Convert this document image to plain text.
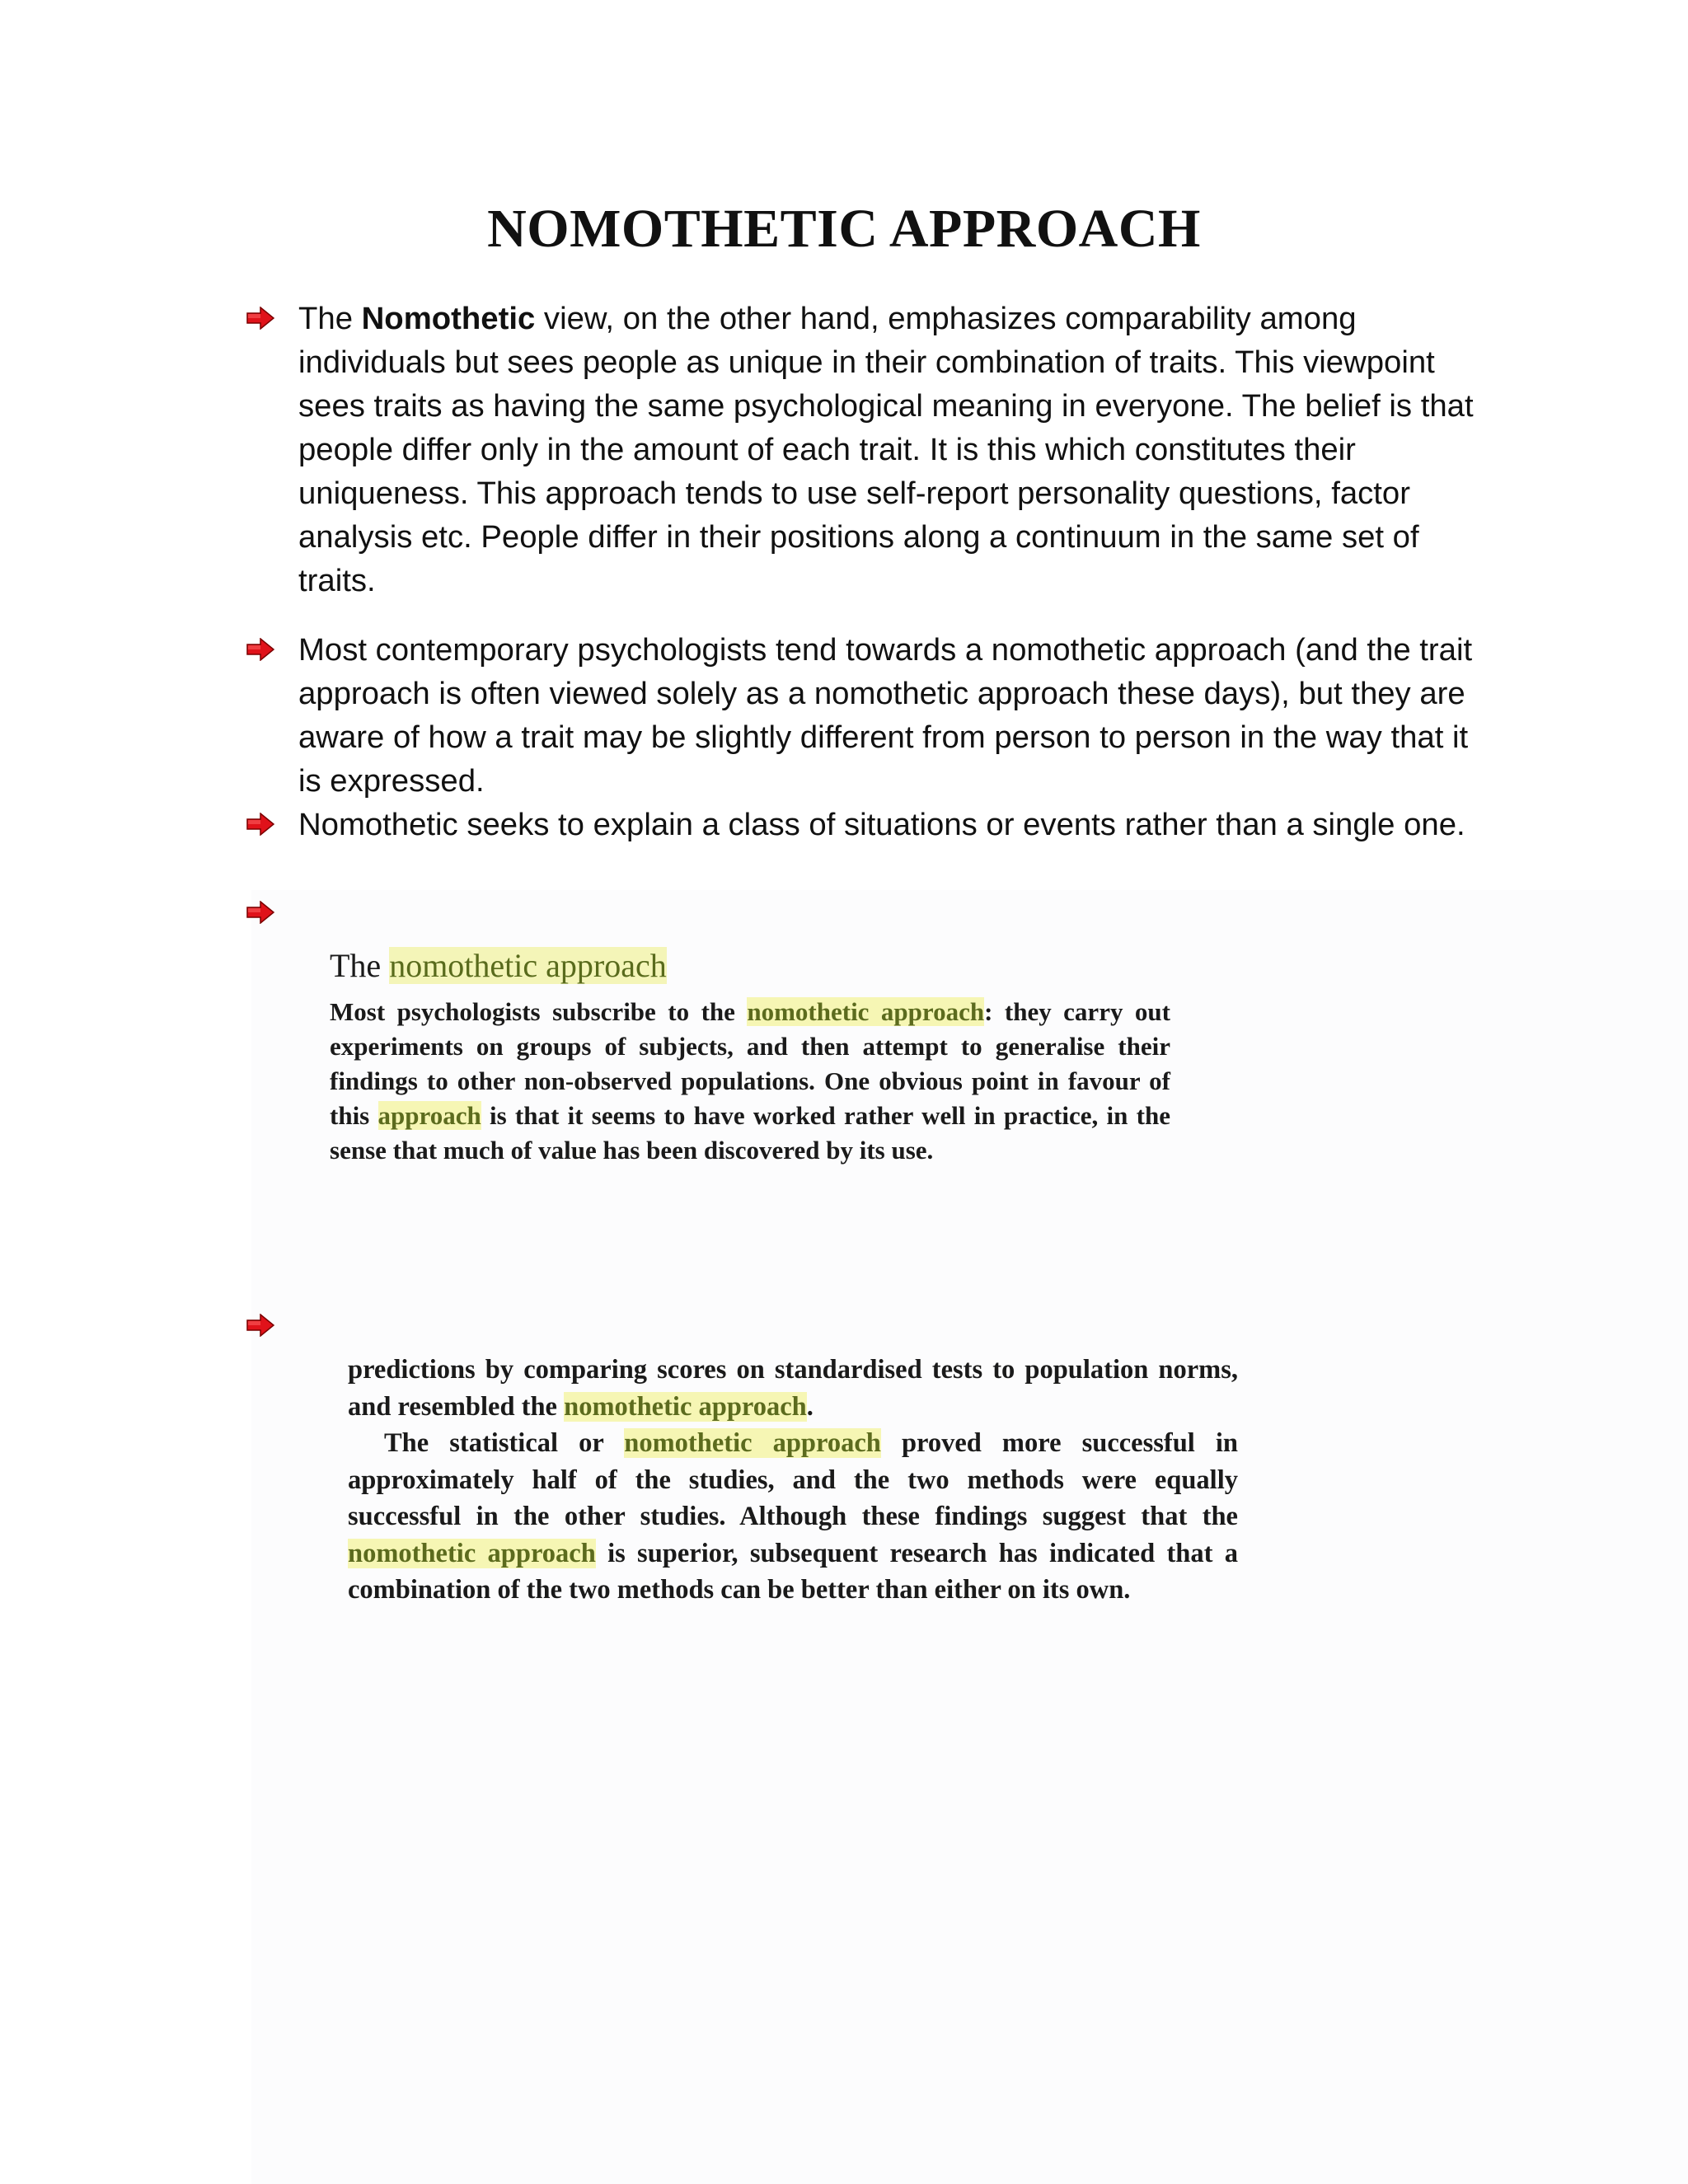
NOMOTHETIC APPROACH
The Nomothetic view, on the other hand, emphasizes comparability among individuals but sees people as unique in their combination of traits. This viewpoint sees traits as having the same psychological meaning in everyone. The belief is that people differ only in the amount of each trait. It is this which constitutes their uniqueness. This approach tends to use self-report personality questions, factor analysis etc. People differ in their positions along a continuum in the same set of traits.
Most contemporary psychologists tend towards a nomothetic approach (and the trait approach is often viewed solely as a nomothetic approach these days), but they are aware of how a trait may be slightly different from person to person in the way that it is expressed.
Nomothetic seeks to explain a class of situations or events rather than a single one.
The nomothetic approach
Most psychologists subscribe to the nomothetic approach: they carry out experiments on groups of subjects, and then attempt to generalise their findings to other non-observed populations. One obvious point in favour of this approach is that it seems to have worked rather well in practice, in the sense that much of value has been discovered by its use.
predictions by comparing scores on standardised tests to population norms, and resembled the nomothetic approach.
The statistical or nomothetic approach proved more successful in approximately half of the studies, and the two methods were equally successful in the other studies. Although these findings suggest that the nomothetic approach is superior, subsequent research has indicated that a combination of the two methods can be better than either on its own.
